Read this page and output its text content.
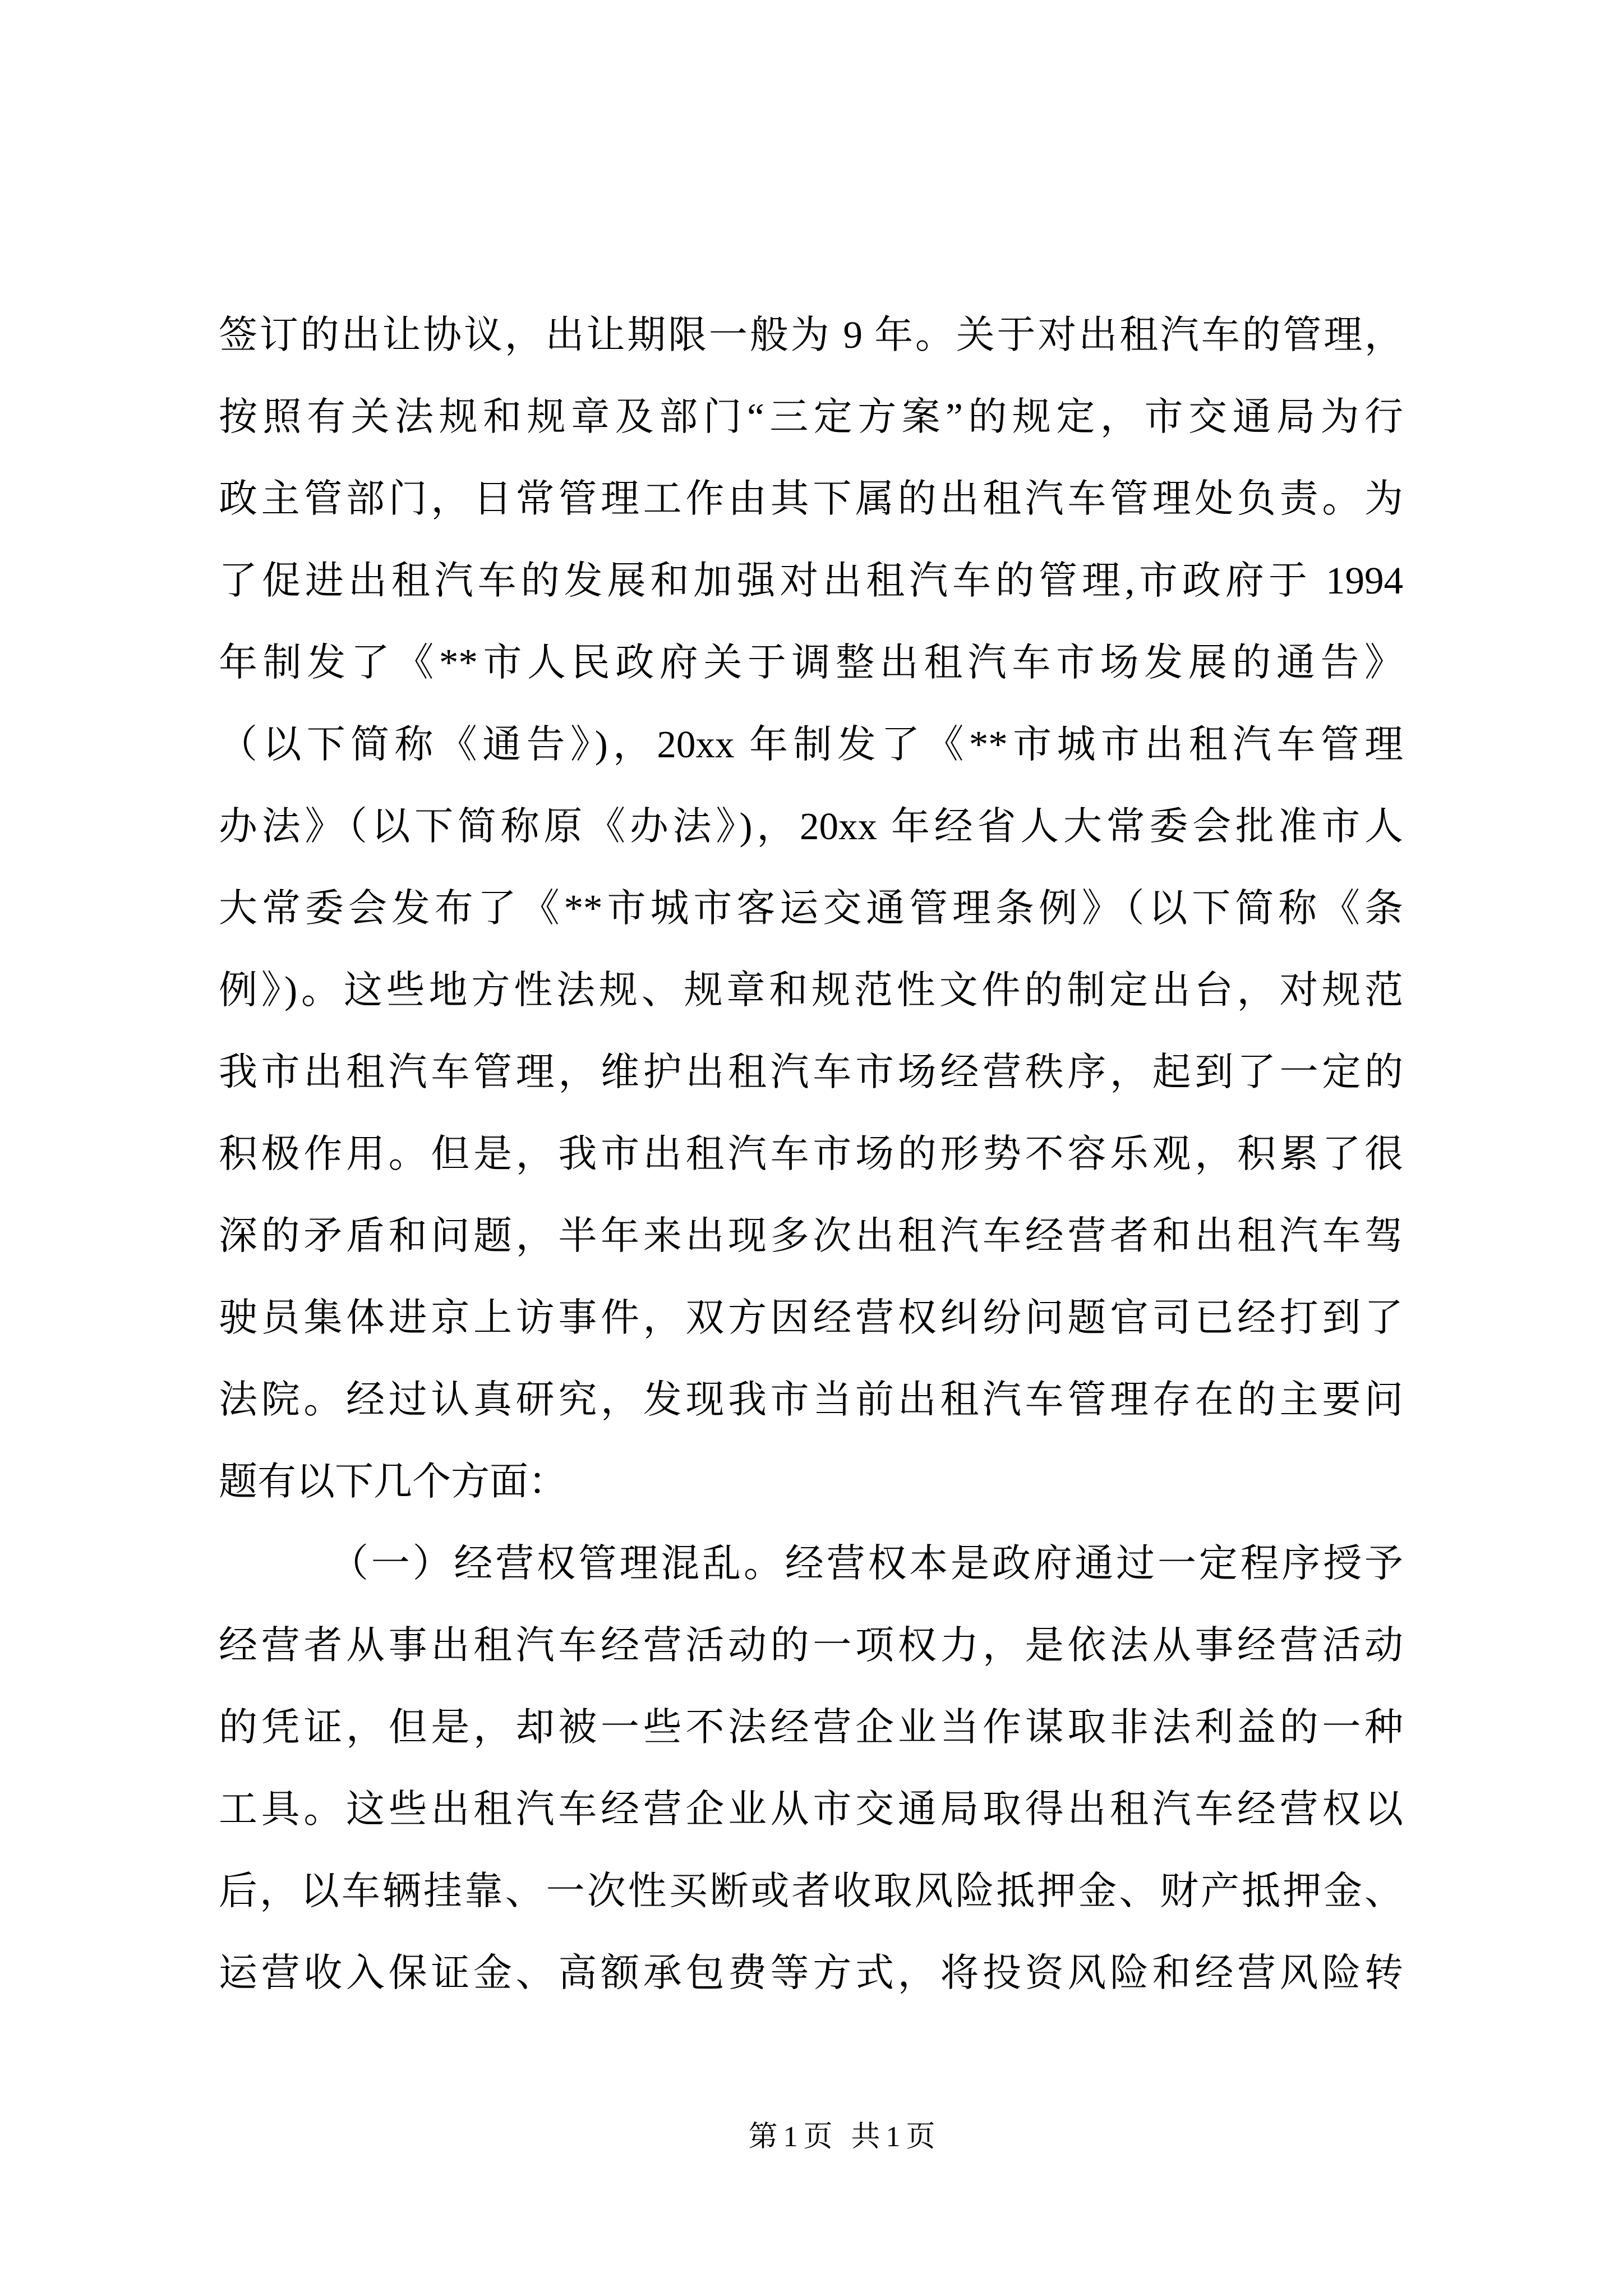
签订的出让协议，出让期限一般为 9 年。关于对出租汽车的管理，
按照有关法规和规章及部门“三定方案”的规定，市交通局为行
政主管部门，日常管理工作由其下属的出租汽车管理处负责。为
了促进出租汽车的发展和加强对出租汽车的管理,市政府于 1994
年制发了《**市人民政府关于调整出租汽车市场发展的通告》
（以下简称《通告》)，20xx 年制发了《**市城市出租汽车管理
办法》（以下简称原《办法》)，20xx 年经省人大常委会批准市人
大常委会发布了《**市城市客运交通管理条例》（以下简称《条
例》)。这些地方性法规、规章和规范性文件的制定出台，对规范
我市出租汽车管理，维护出租汽车市场经营秩序，起到了一定的
积极作用。但是，我市出租汽车市场的形势不容乐观，积累了很
深的矛盾和问题，半年来出现多次出租汽车经营者和出租汽车驾
驶员集体进京上访事件，双方因经营权纠纷问题官司已经打到了
法院。经过认真研究，发现我市当前出租汽车管理存在的主要问
题有以下几个方面：
（一）经营权管理混乱。经营权本是政府通过一定程序授予
经营者从事出租汽车经营活动的一项权力，是依法从事经营活动
的凭证，但是，却被一些不法经营企业当作谋取非法利益的一种
工具。这些出租汽车经营企业从市交通局取得出租汽车经营权以
后，以车辆挂靠、一次性买断或者收取风险抵押金、财产抵押金、
运营收入保证金、高额承包费等方式，将投资风险和经营风险转
第1页 共1页
